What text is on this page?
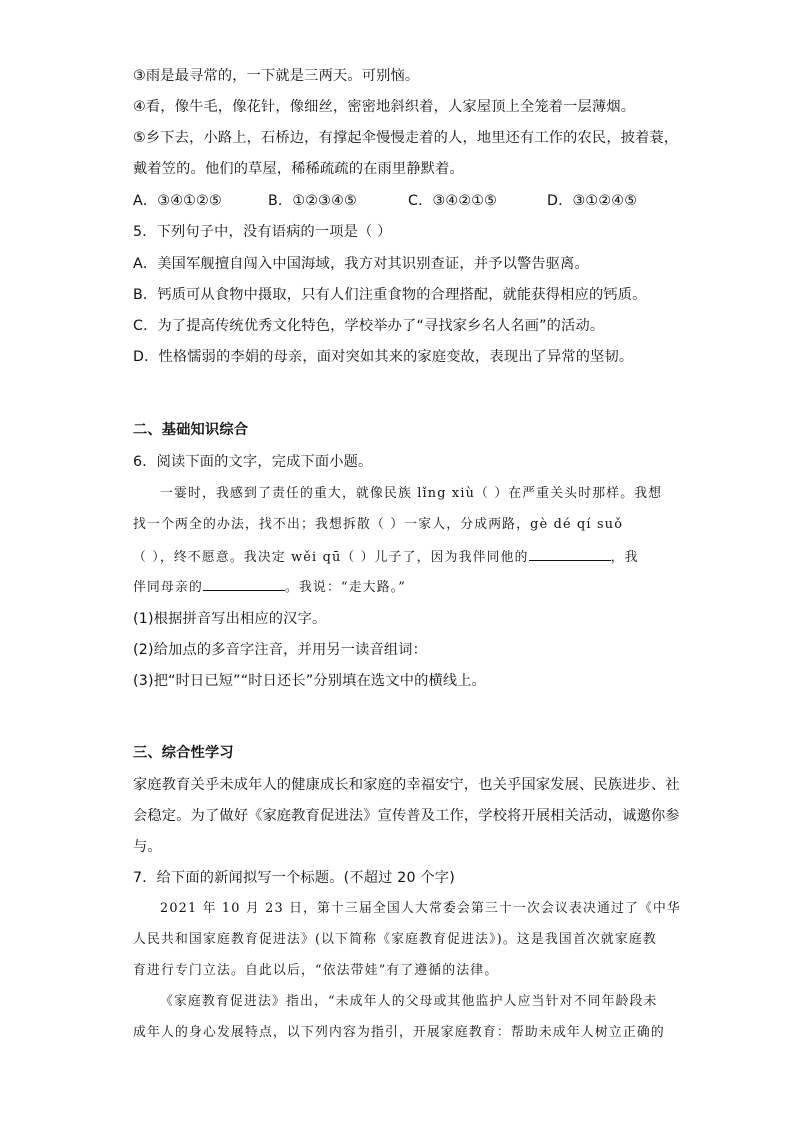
③雨是最寻常的，一下就是三两天。可别恼。
④看，像牛毛，像花针，像细丝，密密地斜织着，人家屋顶上全笼着一层薄烟。
⑤乡下去，小路上，石桥边，有撑起伞慢慢走着的人，地里还有工作的农民，披着蓑，
戴着笠的。他们的草屋，稀稀疏疏的在雨里静默着。
A．③④①②⑤	B．①②③④⑤	C．③④②①⑤	D．③①②④⑤
5．下列句子中，没有语病的一项是（ ）
A．美国军舰擅自闯入中国海域，我方对其识别查证，并予以警告驱离。
B．钙质可从食物中摄取，只有人们注重食物的合理搭配，就能获得相应的钙质。
C．为了提高传统优秀文化特色，学校举办了“寻找家乡名人名画”的活动。
D．性格懦弱的李娟的母亲，面对突如其来的家庭变故，表现出了异常的坚韧。
二、基础知识综合
6．阅读下面的文字，完成下面小题。
一霎时，我感到了责任的重大，就像民族 lǐng xiù（ ）在严重关头时那样。我想
找一个两全的办法，找不出；我想拆散（ ）一家人，分成两路，gè dé qí suǒ
（ ），终不愿意。我决定 wěi qū（ ）儿子了，因为我伴同他的	，我
伴同母亲的	。我说：“走大路。”
(1)根据拼音写出相应的汉字。
(2)给加点的多音字注音，并用另一读音组词：
(3)把“时日已短”“时日还长”分别填在选文中的横线上。
三、综合性学习
家庭教育关乎未成年人的健康成长和家庭的幸福安宁，也关乎国家发展、民族进步、社
会稳定。为了做好《家庭教育促进法》宣传普及工作，学校将开展相关活动，诚邀你参
与。
7．给下面的新闻拟写一个标题。(不超过 20 个字)
2021 年 10 月 23 日，第十三届全国人大常委会第三十一次会议表决通过了《中华
人民共和国家庭教育促进法》(以下简称《家庭教育促进法》)。这是我国首次就家庭教
育进行专门立法。自此以后，“依法带娃”有了遵循的法律。
《家庭教育促进法》指出，“未成年人的父母或其他监护人应当针对不同年龄段未
成年人的身心发展特点，以下列内容为指引，开展家庭教育：帮助未成年人树立正确的
